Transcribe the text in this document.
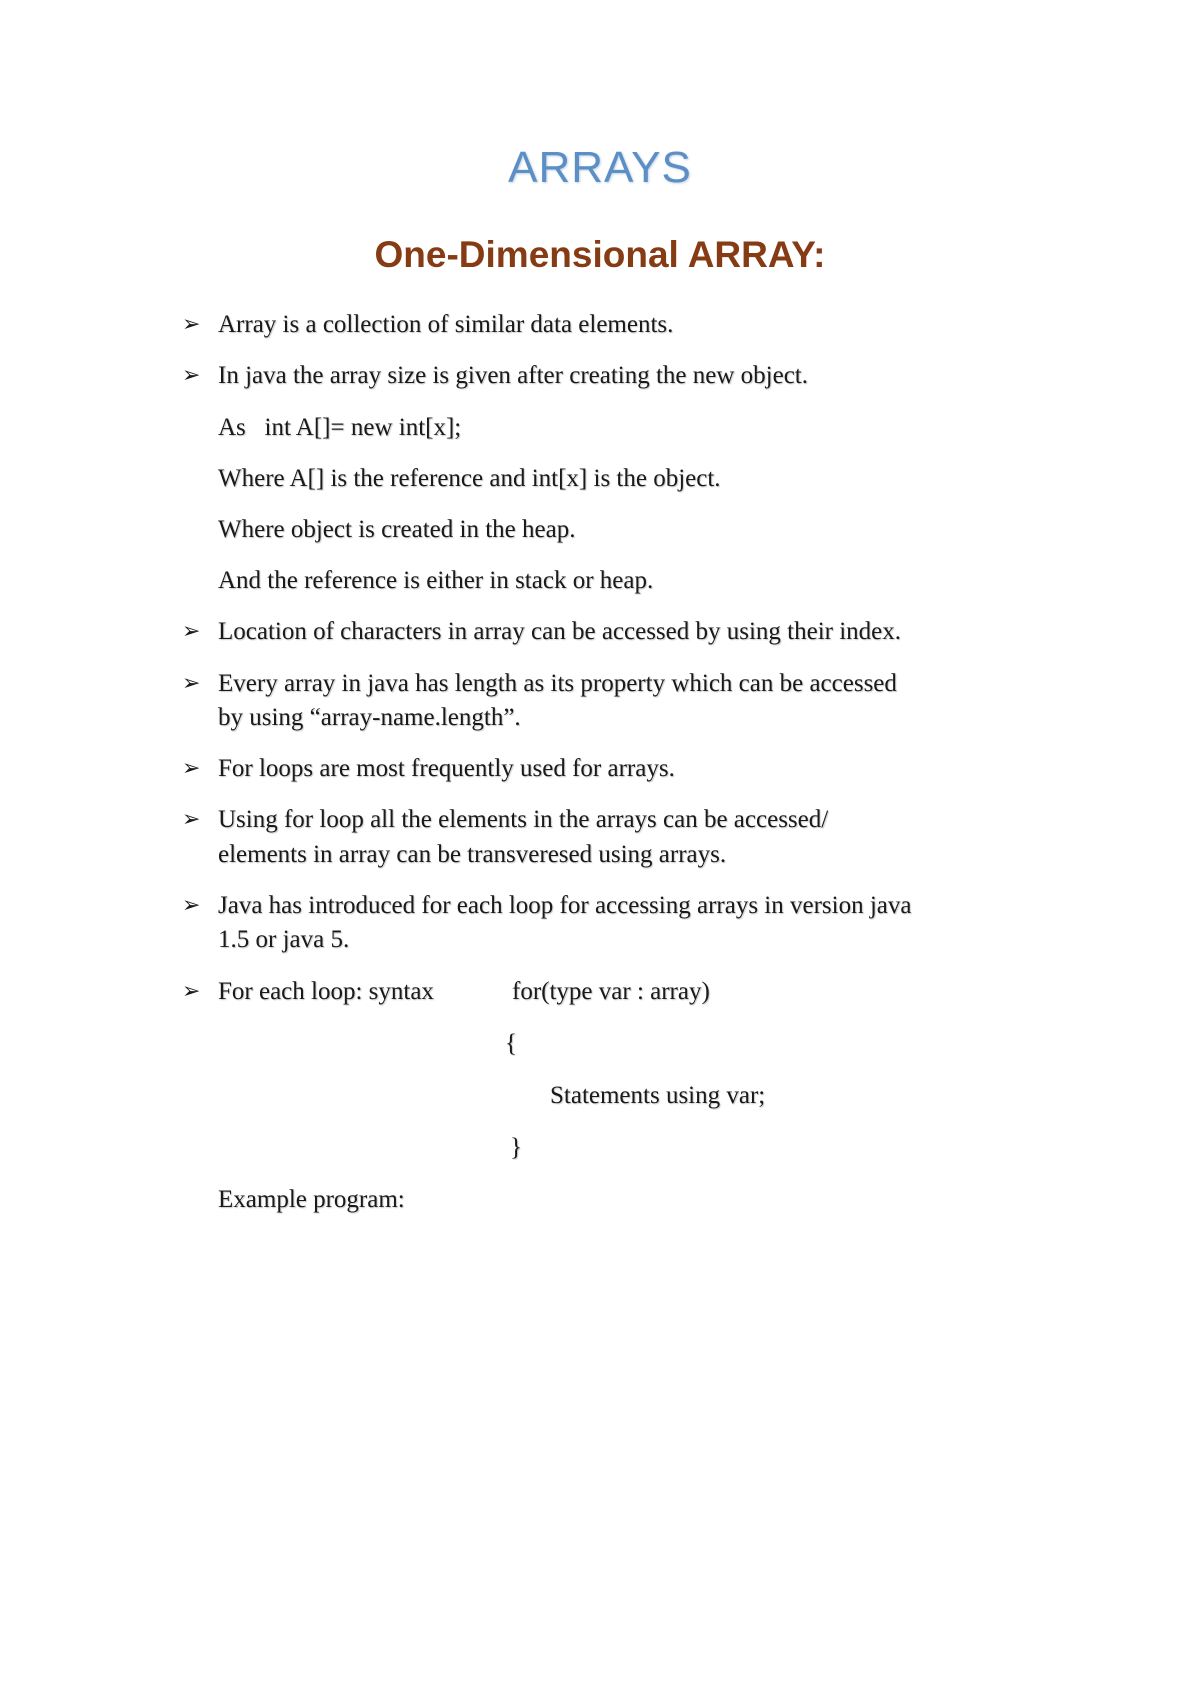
ARRAYS
One-Dimensional ARRAY:
➢ Array is a collection of similar data elements.
➢ In java the array size is given after creating the new object.
As   int A[]= new int[x];
Where A[] is the reference and int[x] is the object.
Where object is created in the heap.
And the reference is either in stack or heap.
➢ Location of characters in array can be accessed by using their index.
➢ Every array in java has length as its property which can be accessed
by using “array-name.length”.
➢ For loops are most frequently used for arrays.
➢ Using for loop all the elements in the arrays can be accessed/
elements in array can be transveresed using arrays.
➢ Java has introduced for each loop for accessing arrays in version java
1.5 or java 5.
➢ For each loop: syntax	for(type var : array)
{
Statements using var;
}
Example program:
